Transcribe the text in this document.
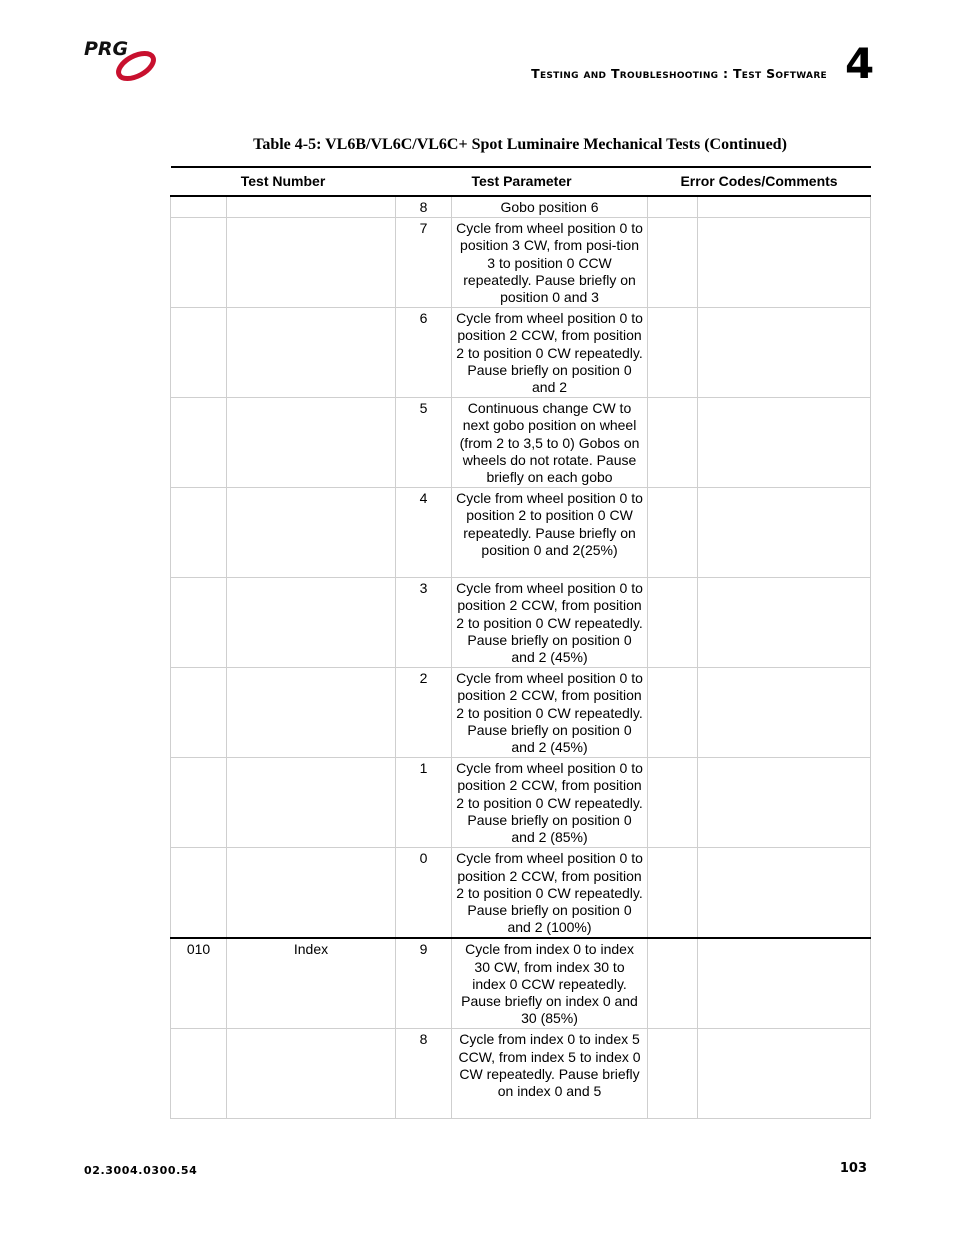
PRG
Testing and Troubleshooting : Test Software 4
Table 4-5: VL6B/VL6C/VL6C+ Spot Luminaire Mechanical Tests (Continued)
Test Number		Test Parameter		Error Codes/Comments	
		8	Gobo position 6		
		7	Cycle from wheel position 0 to position 3 CW, from posi-tion 3 to position 0 CCW repeatedly. Pause briefly on position 0 and 3		
		6	Cycle from wheel position 0 to position 2 CCW, from position 2 to position 0 CW repeatedly. Pause briefly on position 0 and 2		
		5	Continuous change CW to next gobo position on wheel (from 2 to 3,5 to 0) Gobos on wheels do not rotate. Pause briefly on each gobo		
		4	Cycle from wheel position 0 to position 2 to position 0 CW repeatedly. Pause briefly on position 0 and 2(25%)		
		3	Cycle from wheel position 0 to position 2 CCW, from position 2 to position 0 CW repeatedly. Pause briefly on position 0 and 2 (45%)		
		2	Cycle from wheel position 0 to position 2 CCW, from position 2 to position 0 CW repeatedly. Pause briefly on position 0 and 2 (45%)		
		1	Cycle from wheel position 0 to position 2 CCW, from position 2 to position 0 CW repeatedly. Pause briefly on position 0 and 2 (85%)		
		0	Cycle from wheel position 0 to position 2 CCW, from position 2 to position 0 CW repeatedly. Pause briefly on position 0 and 2 (100%)		
010	Index	9	Cycle from index 0 to index 30 CW, from index 30 to index 0 CCW repeatedly. Pause briefly on index 0 and 30 (85%)		
		8	Cycle from index 0 to index 5 CCW, from index 5 to index 0 CW repeatedly. Pause briefly on index 0 and 5		
02.3004.0300.54	103
